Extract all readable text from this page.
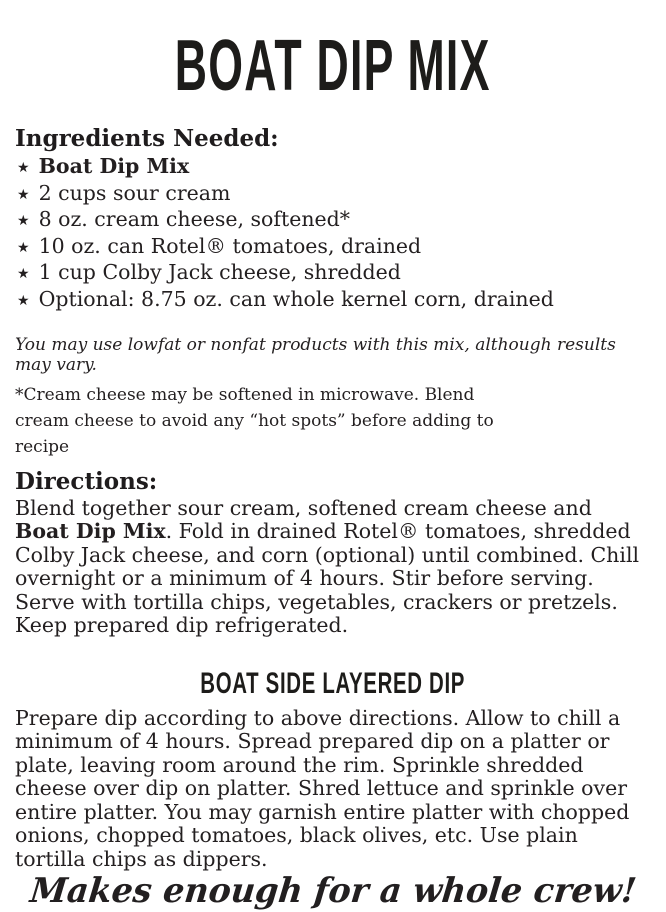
BOAT DIP MIX
Ingredients Needed:
★ Boat Dip Mix
★ 2 cups sour cream
★ 8 oz. cream cheese, softened*
★ 10 oz. can Rotel® tomatoes, drained
★ 1 cup Colby Jack cheese, shredded
★ Optional: 8.75 oz. can whole kernel corn, drained

You may use lowfat or nonfat products with this mix, although results may vary.

*Cream cheese may be softened in microwave. Blend cream cheese to avoid any “hot spots” before adding to recipe

Directions:

Blend together sour cream, softened cream cheese and Boat Dip Mix. Fold in drained Rotel® tomatoes, shredded Colby Jack cheese, and corn (optional) until combined. Chill overnight or a minimum of 4 hours. Stir before serving. Serve with tortilla chips, vegetables, crackers or pretzels. Keep prepared dip refrigerated.

BOAT SIDE LAYERED DIP

Prepare dip according to above directions. Allow to chill a minimum of 4 hours. Spread prepared dip on a platter or plate, leaving room around the rim. Sprinkle shredded cheese over dip on platter. Shred lettuce and sprinkle over entire platter. You may garnish entire platter with chopped onions, chopped tomatoes, black olives, etc. Use plain tortilla chips as dippers.

Makes enough for a whole crew!
